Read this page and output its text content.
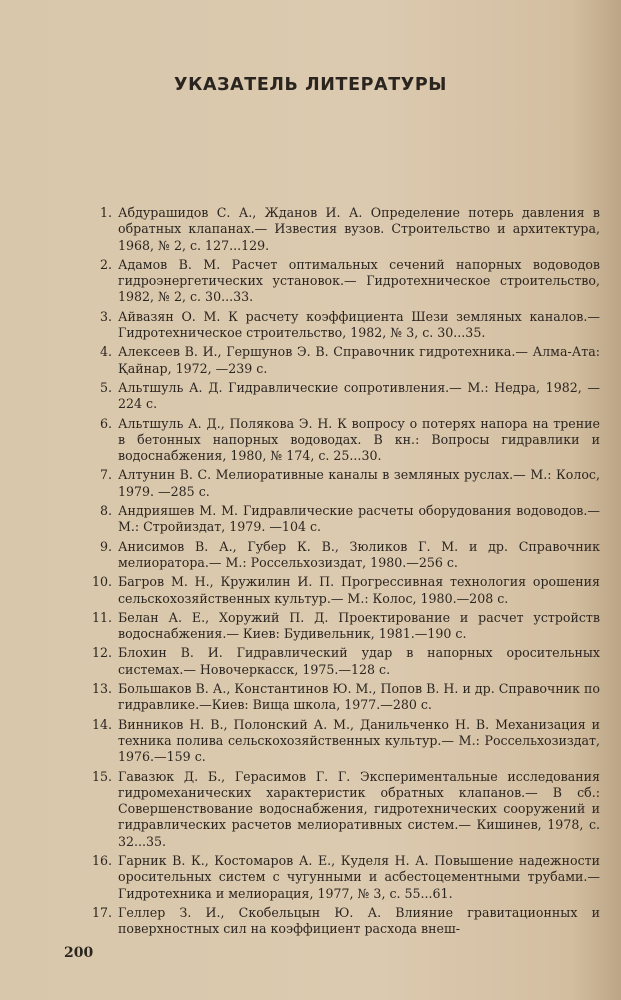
УКАЗАТЕЛЬ ЛИТЕРАТУРЫ
1. Абдурашидов С. А., Жданов И. А. Определение потерь давления в обратных клапанах.— Известия вузов. Строительство и архитектура, 1968, № 2, с. 127...129.
2. Адамов В. М. Расчет оптимальных сечений напорных водоводов гидроэнергетических установок.— Гидротехническое строительство, 1982, № 2, с. 30...33.
3. Айвазян О. М. К расчету коэффициента Шези земляных каналов.— Гидротехническое строительство, 1982, № 3, с. 30...35.
4. Алексеев В. И., Гершунов Э. В. Справочник гидротехника.— Алма-Ата: Қайнар, 1972, —239 с.
5. Альтшуль А. Д. Гидравлические сопротивления.— М.: Недра, 1982, —224 с.
6. Альтшуль А. Д., Полякова Э. Н. К вопросу о потерях напора на трение в бетонных напорных водоводах. В кн.: Вопросы гидравлики и водоснабжения, 1980, № 174, с. 25...30.
7. Алтунин В. С. Мелиоративные каналы в земляных руслах.— М.: Колос, 1979. —285 с.
8. Андрияшев М. М. Гидравлические расчеты оборудования водоводов.— М.: Стройиздат, 1979. —104 с.
9. Анисимов В. А., Губер К. В., Зюликов Г. М. и др. Справочник мелиоратора.— М.: Россельхозиздат, 1980.—256 с.
10. Багров М. Н., Кружилин И. П. Прогрессивная технология орошения сельскохозяйственных культур.— М.: Колос, 1980.—208 с.
11. Белан А. Е., Хоружий П. Д. Проектирование и расчет устройств водоснабжения.— Киев: Будивельник, 1981.—190 с.
12. Блохин В. И. Гидравлический удар в напорных оросительных системах.— Новочеркасск, 1975.—128 с.
13. Большаков В. А., Константинов Ю. М., Попов В. Н. и др. Справочник по гидравлике.—Киев: Вища школа, 1977.—280 с.
14. Винников Н. В., Полонский А. М., Данильченко Н. В. Механизация и техника полива сельскохозяйственных культур.— М.: Россельхозиздат, 1976.—159 с.
15. Гавазюк Д. Б., Герасимов Г. Г. Экспериментальные исследования гидромеханических характеристик обратных клапанов.— В сб.: Совершенствование водоснабжения, гидротехнических сооружений и гидравлических расчетов мелиоративных систем.— Кишинев, 1978, с. 32...35.
16. Гарник В. К., Костомаров А. Е., Куделя Н. А. Повышение надежности оросительных систем с чугунными и асбестоцементными трубами.— Гидротехника и мелиорация, 1977, № 3, с. 55...61.
17. Геллер З. И., Скобельцын Ю. А. Влияние гравитационных и поверхностных сил на коэффициент расхода внеш-
200
